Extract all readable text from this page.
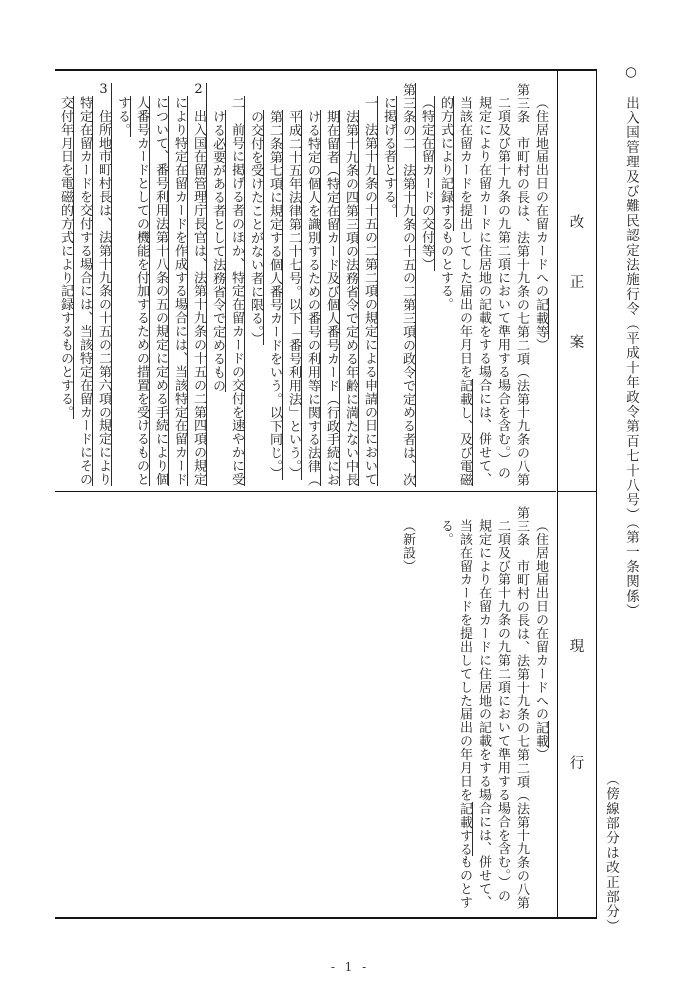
○　出入国管理及び難民認定法施行令（平成十年政令第百七十八号）（第一条関係）
（傍線部分は改正部分）
（住居地届出日の在留カードへの記載等）
第三条　市町村の長は、法第十九条の七第二項（法第十九条の八第
二項及び第十九条の九第二項において準用する場合を含む。）の
規定により在留カードに住居地の記載をする場合には、併せて、
当該在留カードを提出してした届出の年月日を記載し、及び電磁
的方式により記録するものとする。
（特定在留カードの交付等）
第三条の二　法第十九条の十五の二第三項の政令で定める者は、次
に掲げる者とする。
一　法第十九条の十五の二第二項の規定による申請の日において
法第十九条の四第三項の法務省令で定める年齢に満たない中長
期在留者（特定在留カード及び個人番号カード（行政手続にお
ける特定の個人を識別するための番号の利用等に関する法律（
平成二十五年法律第二十七号。以下「番号利用法」という。）
第二条第七項に規定する個人番号カードをいう。以下同じ。）
の交付を受けたことがない者に限る。）
二　前号に掲げる者のほか、特定在留カードの交付を速やかに受
ける必要がある者として法務省令で定めるもの
2　出入国在留管理庁長官は、法第十九条の十五の二第四項の規定
により特定在留カードを作成する場合には、当該特定在留カード
について、番号利用法第十八条の五の規定に定める手続により個
人番号カードとしての機能を付加するための措置を受けるものと
する。
3　住所地市町村長は、法第十九条の十五の二第六項の規定により
特定在留カードを交付する場合には、当該特定在留カードにその
交付年月日を電磁的方式により記録するものとする。
（住居地届出日の在留カードへの記載）
第三条　市町村の長は、法第十九条の七第二項（法第十九条の八第
二項及び第十九条の九第二項において準用する場合を含む。）の
規定により在留カードに住居地の記載をする場合には、併せて、
当該在留カードを提出してした届出の年月日を記載するものとす
る。
（新設）
改
正
案
現
行
- 1 -
